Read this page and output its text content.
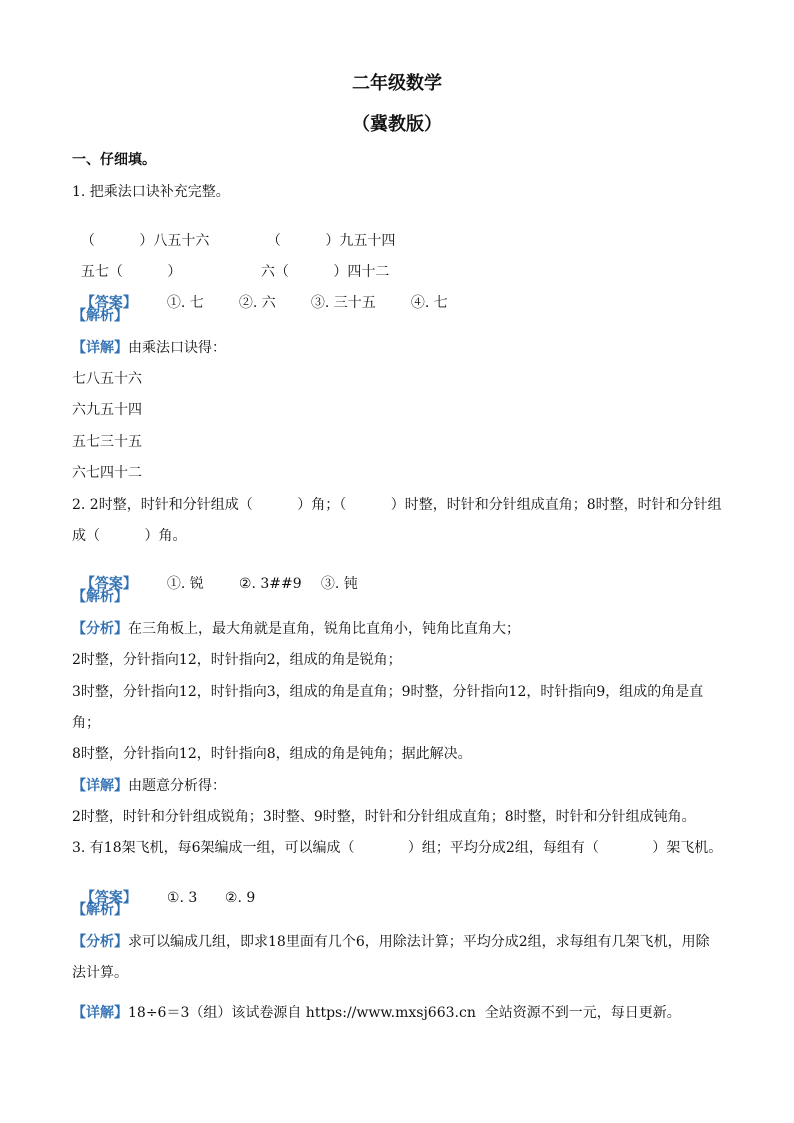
二年级数学
（冀教版）
一、仔细填。
1. 把乘法口诀补充完整。

（          ）八五十六	（          ）九五十四

五七（          ）	六（          ）四十二

【答案】 ①. 七	②. 六	③. 三十五	④. 七

【解析】
【详解】由乘法口诀得：
七八五十六
六九五十四
五七三十五
六七四十二
2. 2时整，时针和分针组成（          ）角；（          ）时整，时针和分针组成直角；8时整，时针和分针组
成（          ）角。

【答案】 ①. 锐	②. 3##9 ③. 钝

【解析】
【分析】在三角板上，最大角就是直角，锐角比直角小，钝角比直角大；
2时整，分针指向12，时针指向2，组成的角是锐角；
3时整，分针指向12，时针指向3，组成的角是直角；9时整，分针指向12，时针指向9，组成的角是直
角；
8时整，分针指向12，时针指向8，组成的角是钝角；据此解决。
【详解】由题意分析得：
2时整，时针和分针组成锐角；3时整、9时整，时针和分针组成直角；8时整，时针和分针组成钝角。
3. 有18架飞机，每6架编成一组，可以编成（            ）组；平均分成2组，每组有（            ）架飞机。

【答案】 ①. 3 ②. 9

【解析】
【分析】求可以编成几组，即求18里面有几个6，用除法计算；平均分成2组，求每组有几架飞机，用除
法计算。
【详解】18÷6＝3（组）该试卷源自 https://www.mxsj663.cn  全站资源不到一元，每日更新。
